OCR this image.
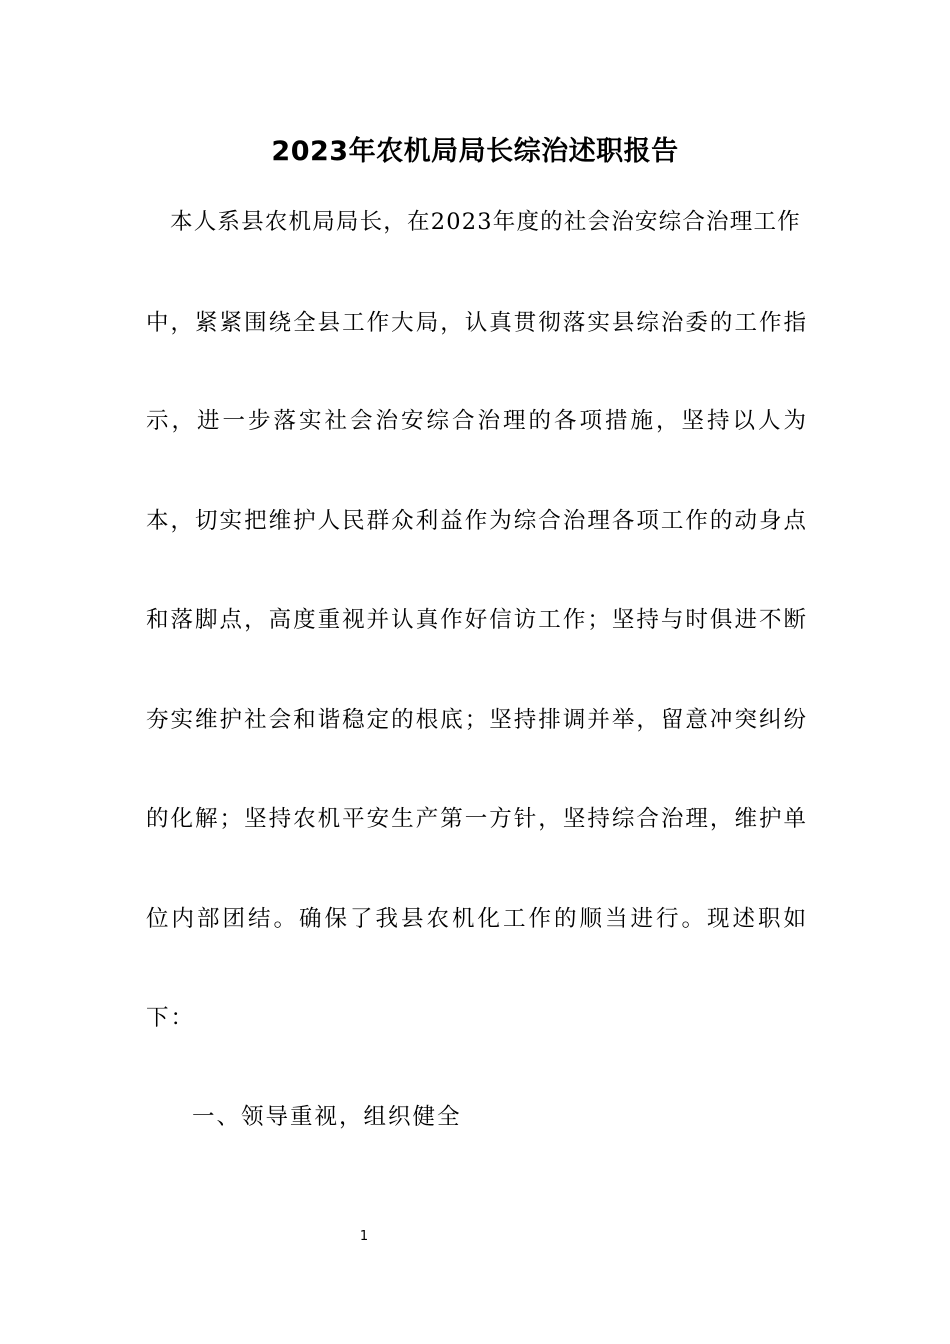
2023年农机局局长综治述职报告
本人系县农机局局长，在2023年度的社会治安综合治理工作
中，紧紧围绕全县工作大局，认真贯彻落实县综治委的工作指
示，进一步落实社会治安综合治理的各项措施，坚持以人为
本，切实把维护人民群众利益作为综合治理各项工作的动身点
和落脚点，高度重视并认真作好信访工作；坚持与时俱进不断
夯实维护社会和谐稳定的根底；坚持排调并举，留意冲突纠纷
的化解；坚持农机平安生产第一方针，坚持综合治理，维护单
位内部团结。确保了我县农机化工作的顺当进行。现述职如
下：
一、领导重视，组织健全
1
